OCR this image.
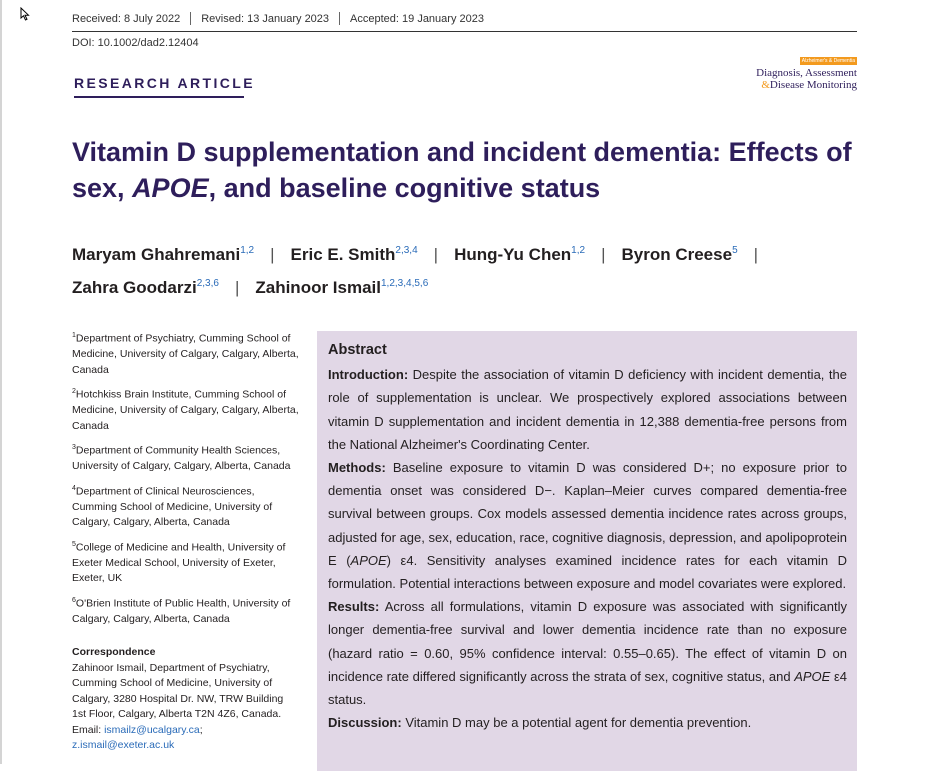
Received: 8 July 2022 Revised: 13 January 2023 Accepted: 19 January 2023
DOI: 10.1002/dad2.12404
RESEARCH ARTICLE
Alzheimer's & Dementia
Diagnosis, Assessment
&Disease Monitoring
Vitamin D supplementation and incident dementia: Effects of sex, APOE, and baseline cognitive status
Maryam Ghahremani$^{1,2}$ | Eric E. Smith$^{2,3,4}$ | Hung-Yu Chen$^{1,2}$ | Byron Creese$^5$ |
Zahra Goodarzi$^{2,3,6}$ | Zahinoor Ismail$^{1,2,3,4,5,6}$
$^1$Department of Psychiatry, Cumming School of Medicine, University of Calgary, Calgary, Alberta, Canada
$^2$Hotchkiss Brain Institute, Cumming School of Medicine, University of Calgary, Calgary, Alberta, Canada
$^3$Department of Community Health Sciences, University of Calgary, Calgary, Alberta, Canada
$^4$Department of Clinical Neurosciences, Cumming School of Medicine, University of Calgary, Calgary, Alberta, Canada
$^5$College of Medicine and Health, University of Exeter Medical School, University of Exeter, Exeter, UK
$^6$O'Brien Institute of Public Health, University of Calgary, Calgary, Alberta, Canada
Correspondence
Zahinoor Ismail, Department of Psychiatry, Cumming School of Medicine, University of Calgary, 3280 Hospital Dr. NW, TRW Building 1st Floor, Calgary, Alberta T2N 4Z6, Canada.
Email: ismailz@ucalgary.ca;
z.ismail@exeter.ac.uk
Abstract

Introduction: Despite the association of vitamin D deficiency with incident dementia, the role of supplementation is unclear. We prospectively explored associations between vitamin D supplementation and incident dementia in 12,388 dementia-free persons from the National Alzheimer's Coordinating Center.

Methods: Baseline exposure to vitamin D was considered D+; no exposure prior to dementia onset was considered D−. Kaplan–Meier curves compared dementia-free survival between groups. Cox models assessed dementia incidence rates across groups, adjusted for age, sex, education, race, cognitive diagnosis, depression, and apolipoprotein E (APOE) ε4. Sensitivity analyses examined incidence rates for each vitamin D formulation. Potential interactions between exposure and model covariates were explored.

Results: Across all formulations, vitamin D exposure was associated with significantly longer dementia-free survival and lower dementia incidence rate than no exposure (hazard ratio = 0.60, 95% confidence interval: 0.55–0.65). The effect of vitamin D on incidence rate differed significantly across the strata of sex, cognitive status, and APOE ε4 status.

Discussion: Vitamin D may be a potential agent for dementia prevention.
